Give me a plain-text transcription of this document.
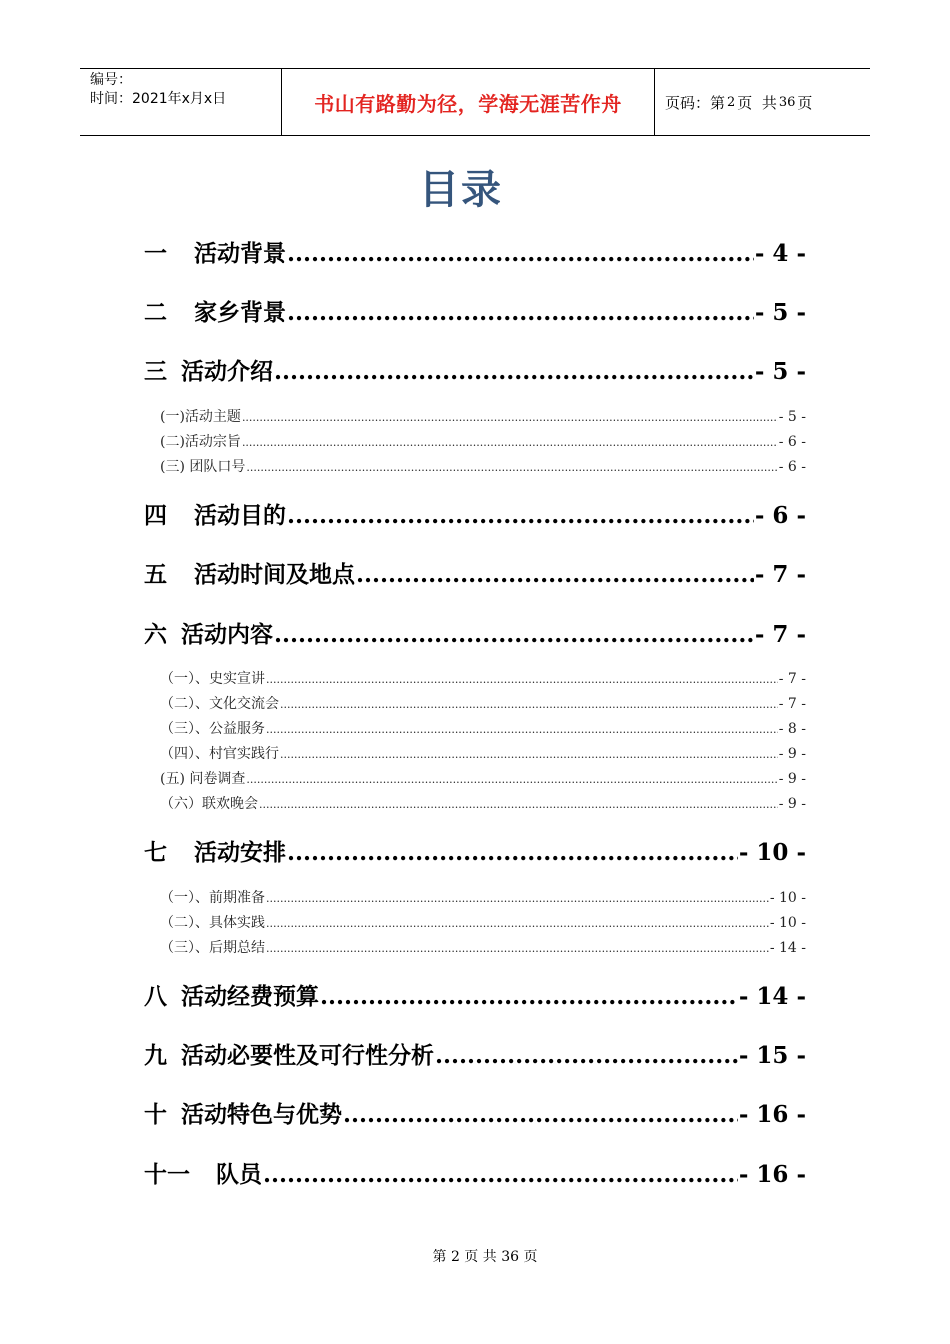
编号：
时间：2021年x月x日	书山有路勤为径，学海无涯苦作舟	页码：第 2 页  共 36 页
目录
一 活动背景 .....	- 4 -
二 家乡背景 .....	- 5 -
三 活动介绍 .....	- 5 -
(一)活动主题 .....	- 5 -
(二)活动宗旨 .....	- 6 -
(三) 团队口号 .....	- 6 -
四 活动目的 .....	- 6 -
五 活动时间及地点 .....	- 7 -
六 活动内容 .....	- 7 -
（一）、史实宣讲 .....	- 7 -
（二）、文化交流会 .....	- 7 -
（三）、公益服务 .....	- 8 -
（四）、村官实践行 .....	- 9 -
(五) 问卷调查 .....	- 9 -
（六）联欢晚会 .....	- 9 -
七 活动安排 .....	- 10 -
（一）、前期准备 .....	- 10 -
（二）、具体实践 .....	- 10 -
（三）、后期总结 .....	- 14 -
八 活动经费预算 .....	- 14 -
九 活动必要性及可行性分析 .....	- 15 -
十 活动特色与优势 .....	- 16 -
十一 队员 .....	- 16 -
第 2 页 共 36 页
